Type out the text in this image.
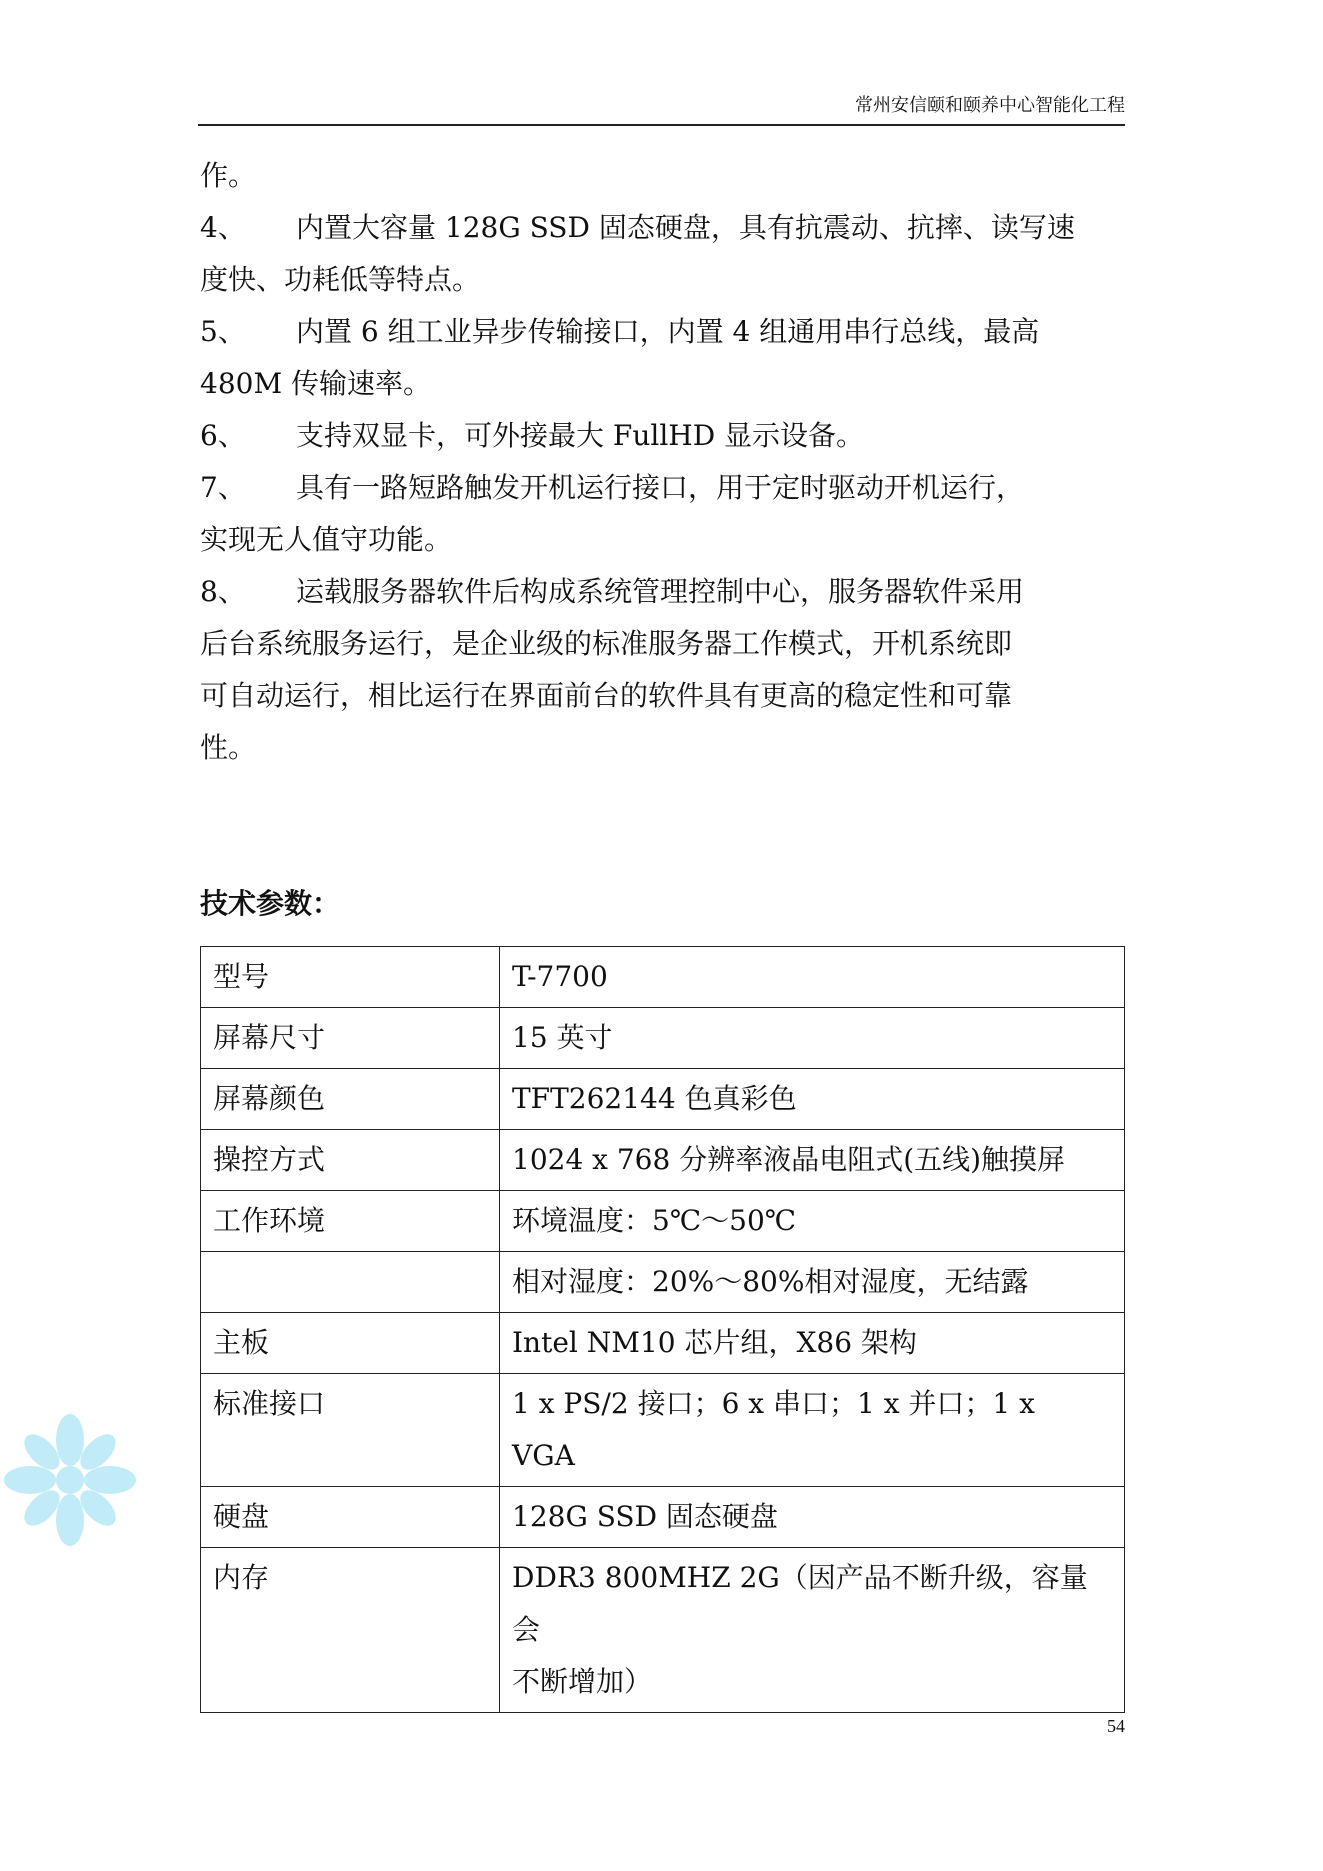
常州安信颐和颐养中心智能化工程
作。
4、 内置大容量 128G SSD 固态硬盘，具有抗震动、抗摔、读写速
度快、功耗低等特点。
5、 内置 6 组工业异步传输接口，内置 4 组通用串行总线，最高
480M 传输速率。
6、 支持双显卡，可外接最大 FullHD 显示设备。
7、 具有一路短路触发开机运行接口，用于定时驱动开机运行，
实现无人值守功能。
8、 运载服务器软件后构成系统管理控制中心，服务器软件采用
后台系统服务运行，是企业级的标准服务器工作模式，开机系统即
可自动运行，相比运行在界面前台的软件具有更高的稳定性和可靠
性。
技术参数：
型号	T-7700

屏幕尺寸	15 英寸

屏幕颜色	TFT262144 色真彩色

操控方式	1024 x 768 分辨率液晶电阻式(五线)触摸屏

工作环境	环境温度：5℃～50℃

	相对湿度：20%～80%相对湿度，无结露

主板	Intel NM10 芯片组，X86 架构

标准接口	1 x PS/2 接口；6 x 串口；1 x 并口；1 x
VGA

硬盘	128G SSD 固态硬盘

内存	DDR3 800MHZ 2G（因产品不断升级，容量会
不断增加）
54
